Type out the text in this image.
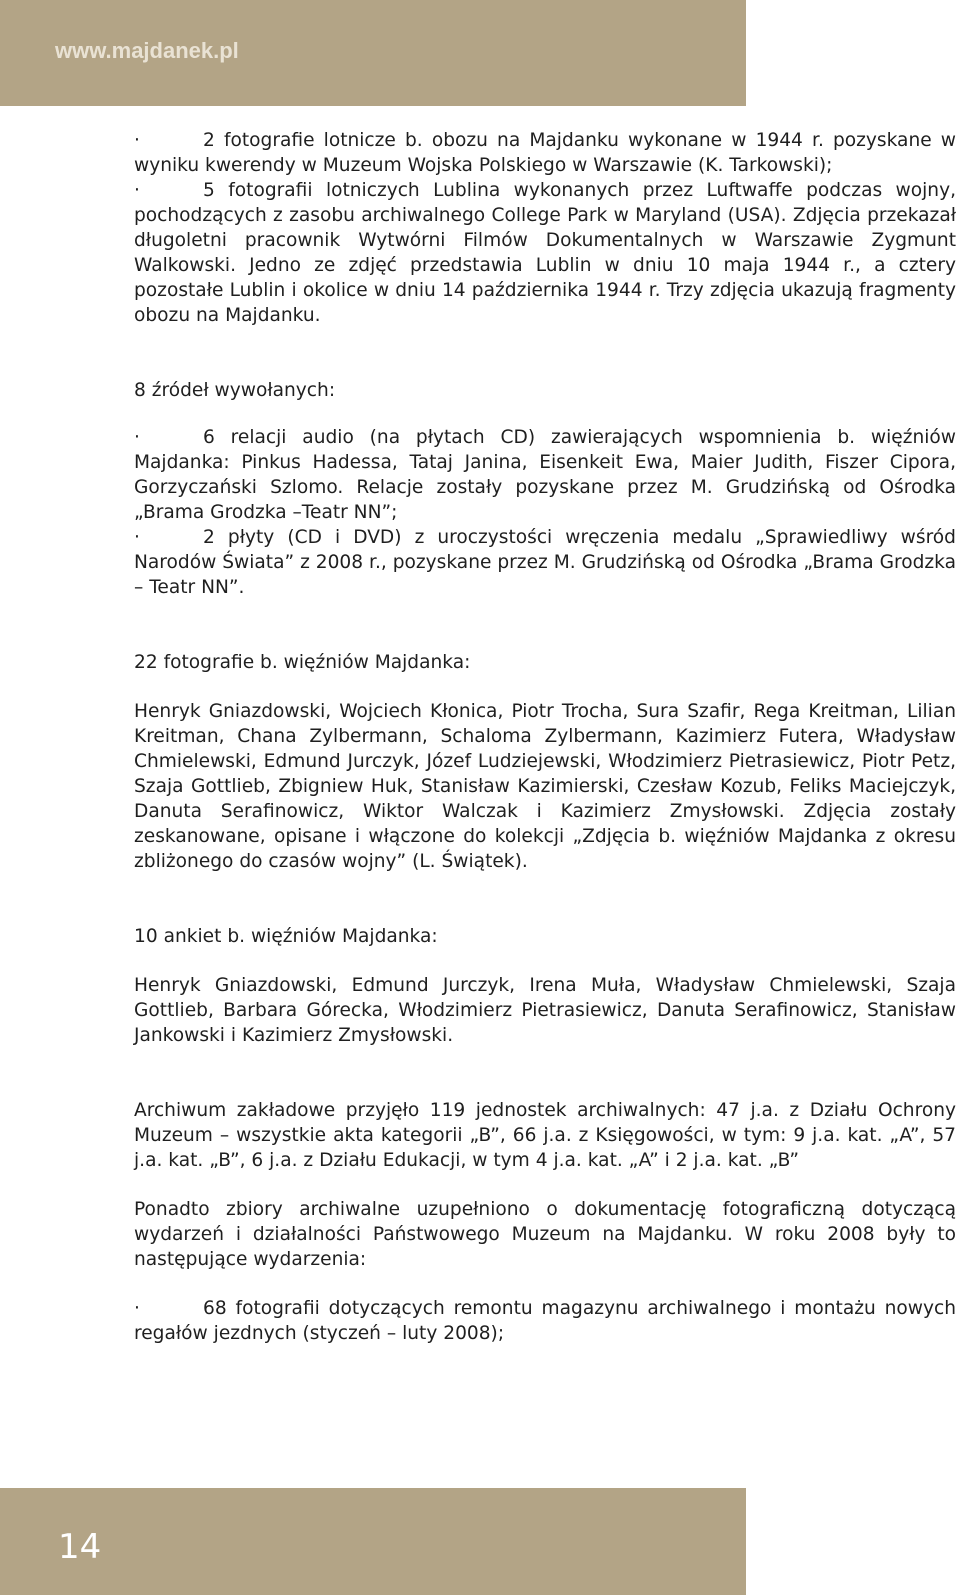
www.majdanek.pl

·	2 fotografie lotnicze b. obozu na Majdanku wykonane w 1944 r. pozyskane w wyniku kwerendy w Muzeum Wojska Polskiego w Warszawie (K. Tarkowski);

·	5 fotografii lotniczych Lublina wykonanych przez Luftwaffe podczas wojny, pochodzących z zasobu archiwalnego College Park w Maryland (USA). Zdjęcia przekazał długoletni pracownik Wytwórni Filmów Dokumentalnych w Warszawie Zygmunt Walkowski. Jedno ze zdjęć przedstawia Lublin w dniu 10 maja 1944 r., a cztery pozostałe Lublin i okolice w dniu 14 października 1944 r. Trzy zdjęcia ukazują fragmenty obozu na Majdanku.

8 źródeł wywołanych:

·	6 relacji audio (na płytach CD) zawierających wspomnienia b. więźniów Majdanka: Pinkus Hadessa, Tataj Janina, Eisenkeit Ewa, Maier Judith, Fiszer Cipora, Gorzyczański Szlomo. Relacje zostały pozyskane przez M. Grudzińską od Ośrodka „Brama Grodzka –Teatr NN”;

·	2 płyty (CD i DVD) z uroczystości wręczenia medalu „Sprawiedliwy wśród Narodów Świata” z 2008 r., pozyskane przez M. Grudzińską od Ośrodka „Brama Grodzka – Teatr NN”.

22 fotografie b. więźniów Majdanka:

Henryk Gniazdowski, Wojciech Kłonica, Piotr Trocha, Sura Szafir, Rega Kreitman, Lilian Kreitman, Chana Zylbermann, Schaloma Zylbermann, Kazimierz Futera, Władysław Chmielewski, Edmund Jurczyk, Józef Ludziejewski, Włodzimierz Pietrasiewicz, Piotr Petz, Szaja Gottlieb, Zbigniew Huk, Stanisław Kazimierski, Czesław Kozub, Feliks Maciejczyk, Danuta Serafinowicz, Wiktor Walczak i Kazimierz Zmysłowski. Zdjęcia zostały zeskanowane, opisane i włączone do kolekcji „Zdjęcia b. więźniów Majdanka z okresu zbliżonego do czasów wojny” (L. Świątek).

10 ankiet b. więźniów Majdanka:

Henryk Gniazdowski, Edmund Jurczyk, Irena Muła, Władysław Chmielewski, Szaja Gottlieb, Barbara Górecka, Włodzimierz Pietrasiewicz, Danuta Serafinowicz, Stanisław Jankowski i Kazimierz Zmysłowski.

Archiwum zakładowe przyjęło 119 jednostek archiwalnych: 47 j.a. z Działu Ochrony Muzeum – wszystkie akta kategorii „B”, 66 j.a. z Księgowości, w tym: 9 j.a. kat. „A”, 57 j.a. kat. „B”, 6 j.a. z Działu Edukacji, w tym 4 j.a. kat. „A” i 2 j.a. kat. „B”

Ponadto zbiory archiwalne uzupełniono o dokumentację fotograficzną dotyczącą wydarzeń i działalności Państwowego Muzeum na Majdanku. W roku 2008 były to następujące wydarzenia:

·	68 fotografii dotyczących remontu magazynu archiwalnego i montażu nowych regałów jezdnych (styczeń – luty 2008);

14
